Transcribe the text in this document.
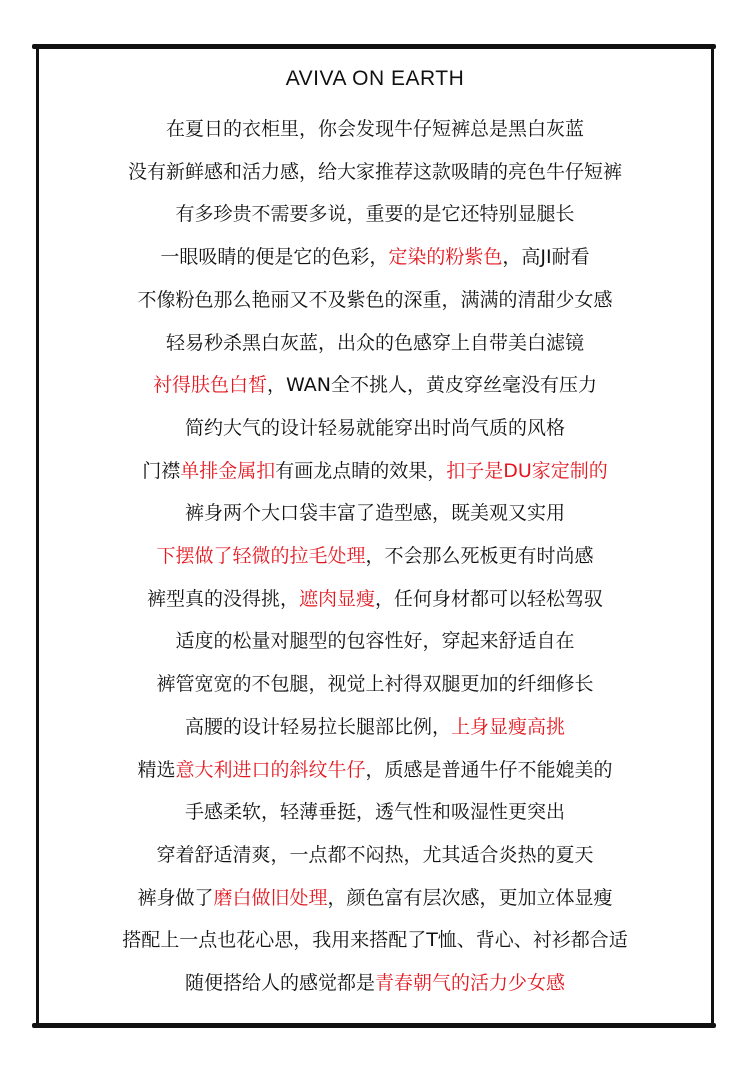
AVIVA ON EARTH
在夏日的衣柜里，你会发现牛仔短裤总是黑白灰蓝
没有新鲜感和活力感，给大家推荐这款吸睛的亮色牛仔短裤
有多珍贵不需要多说，重要的是它还特别显腿长
一眼吸睛的便是它的色彩，定染的粉紫色，高JI耐看
不像粉色那么艳丽又不及紫色的深重，满满的清甜少女感
轻易秒杀黑白灰蓝，出众的色感穿上自带美白滤镜
衬得肤色白皙，WAN全不挑人，黄皮穿丝毫没有压力
简约大气的设计轻易就能穿出时尚气质的风格
门襟单排金属扣有画龙点睛的效果，扣子是DU家定制的
裤身两个大口袋丰富了造型感，既美观又实用
下摆做了轻微的拉毛处理，不会那么死板更有时尚感
裤型真的没得挑，遮肉显瘦，任何身材都可以轻松驾驭
适度的松量对腿型的包容性好，穿起来舒适自在
裤管宽宽的不包腿，视觉上衬得双腿更加的纤细修长
高腰的设计轻易拉长腿部比例，上身显瘦高挑
精选意大利进口的斜纹牛仔，质感是普通牛仔不能媲美的
手感柔软，轻薄垂挺，透气性和吸湿性更突出
穿着舒适清爽，一点都不闷热，尤其适合炎热的夏天
裤身做了磨白做旧处理，颜色富有层次感，更加立体显瘦
搭配上一点也花心思，我用来搭配了T恤、背心、衬衫都合适
随便搭给人的感觉都是青春朝气的活力少女感
